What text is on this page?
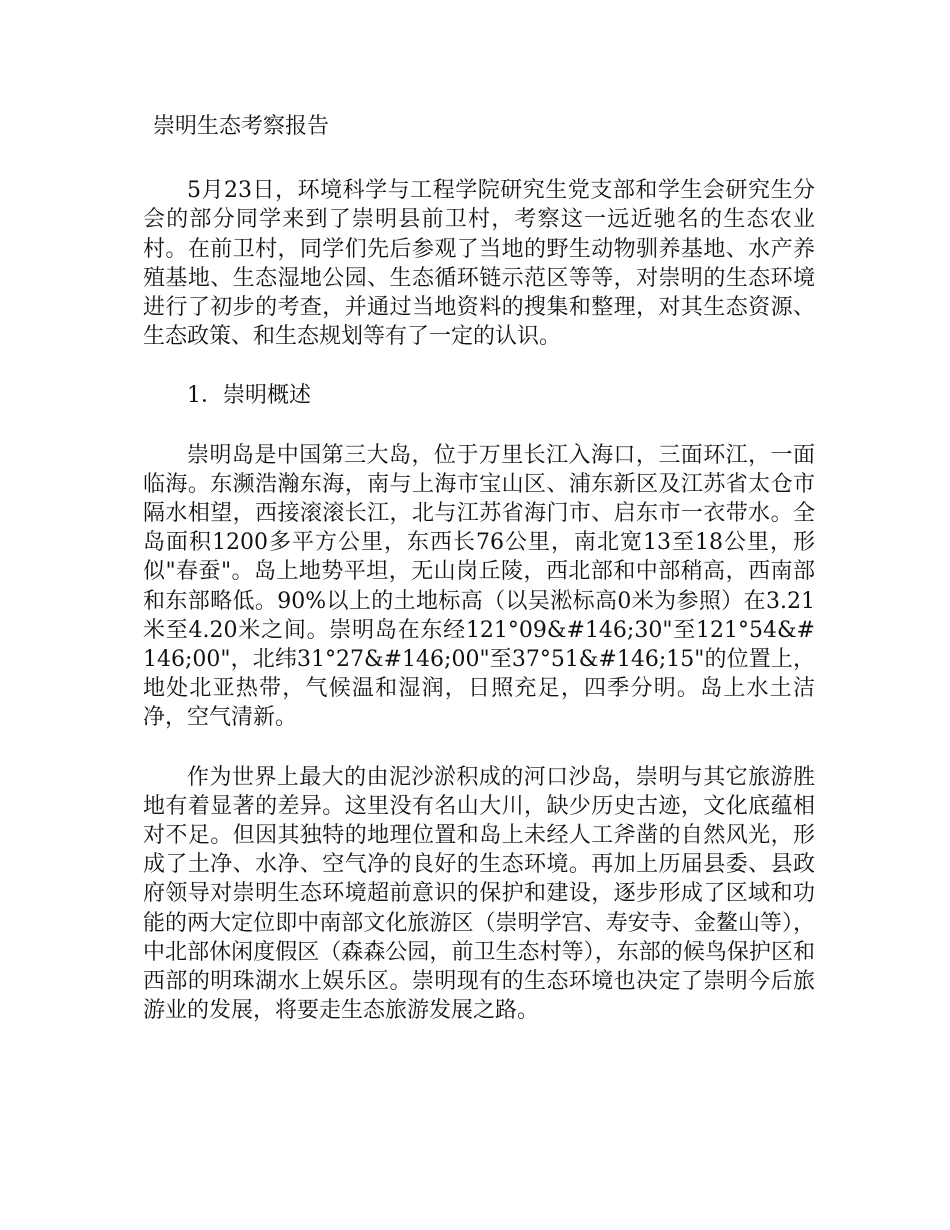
崇明生态考察报告

5月23日，环境科学与工程学院研究生党支部和学生会研究生分会的部分同学来到了崇明县前卫村，考察这一远近驰名的生态农业村。在前卫村，同学们先后参观了当地的野生动物驯养基地、水产养殖基地、生态湿地公园、生态循环链示范区等等，对崇明的生态环境进行了初步的考查，并通过当地资料的搜集和整理，对其生态资源、生态政策、和生态规划等有了一定的认识。

1．崇明概述

崇明岛是中国第三大岛，位于万里长江入海口，三面环江，一面临海。东濒浩瀚东海，南与上海市宝山区、浦东新区及江苏省太仓市隔水相望，西接滚滚长江，北与江苏省海门市、启东市一衣带水。全岛面积1200多平方公里，东西长76公里，南北宽13至18公里，形似"春蚕"。岛上地势平坦，无山岗丘陵，西北部和中部稍高，西南部和东部略低。90%以上的土地标高（以吴淞标高0米为参照）在3.21米至4.20米之间。崇明岛在东经121°09&#146;30"至121°54&#146;00"，北纬31°27&#146;00"至37°51&#146;15"的位置上，地处北亚热带，气候温和湿润，日照充足，四季分明。岛上水土洁净，空气清新。

作为世界上最大的由泥沙淤积成的河口沙岛，崇明与其它旅游胜地有着显著的差异。这里没有名山大川，缺少历史古迹，文化底蕴相对不足。但因其独特的地理位置和岛上未经人工斧凿的自然风光，形成了土净、水净、空气净的良好的生态环境。再加上历届县委、县政府领导对崇明生态环境超前意识的保护和建设，逐步形成了区域和功能的两大定位即中南部文化旅游区（崇明学宫、寿安寺、金鳌山等），中北部休闲度假区（森森公园，前卫生态村等），东部的候鸟保护区和西部的明珠湖水上娱乐区。崇明现有的生态环境也决定了崇明今后旅游业的发展，将要走生态旅游发展之路。
